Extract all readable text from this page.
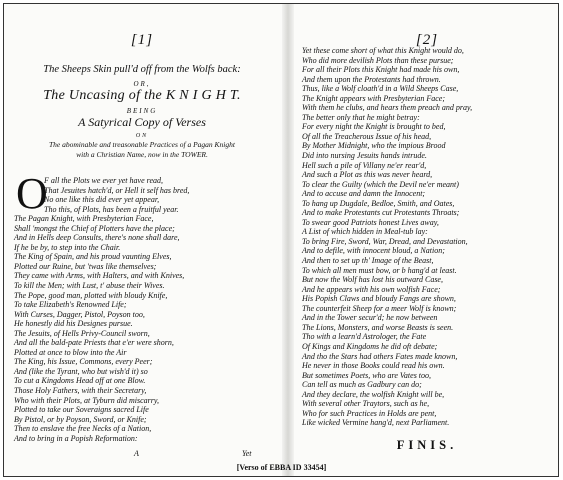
[1]
The Sheeps Skin pull'd off from the Wolfs back:
OR,
The Uncasing of the K N I G H T.
BEING
A Satyrical Copy of Verses
ON
The abominable and treasonable Practices of a Pagan Knight
with a Christian Name, now in the TOWER.
O
F all the Plots we ever yet have read,
That Jesuites hatch'd, or Hell it self has bred,
No one like this did ever yet appear,
Tho this, of Plots, has been a fruitful year.
The Pagan Knight, with Presbyterian Face,
Shall 'mongst the Chief of Plotters have the place;
And in Hells deep Consults, there's none shall dare,
If he be by, to step into the Chair.
The King of Spain, and his proud vaunting Elves,
Plotted our Ruine, but 'twas like themselves;
They came with Arms, with Halters, and with Knives,
To kill the Men; with Lust, t' abuse their Wives.
The Pope, good man, plotted with bloudy Knife,
To take Elizabeth's Renowned Life;
With Curses, Dagger, Pistol, Poyson too,
He honestly did his Designes pursue.
The Jesuits, of Hells Privy-Council sworn,
And all the bald-pate Priests that e'er were shorn,
Plotted at once to blow into the Air
The King, his Issue, Commons, every Peer;
And (like the Tyrant, who but wish'd it) so
To cut a Kingdoms Head off at one Blow.
Those Holy Fathers, with their Secretary,
Who with their Plots, at Tyburn did miscarry,
Plotted to take our Soveraigns sacred Life
By Pistol, or by Poyson, Sword, or Knife;
Then to enslave the free Necks of a Nation,
And to bring in a Popish Reformation:
A	Yet
[2]
Yet these come short of what this Knight would do,
Who did more devilish Plots than these pursue;
For all their Plots this Knight had made his own,
And them upon the Protestants had thrown.
Thus, like a Wolf cloath'd in a Wild Sheeps Case,
The Knight appears with Presbyterian Face;
With them he clubs, and hears them preach and pray,
The better only that he might betray:
For every night the Knight is brought to bed,
Of all the Treacherous Issue of his head,
By Mother Midnight, who the impious Brood
Did into nursing Jesuits hands intrude.
Hell such a pile of Villany ne'er rear'd,
And such a Plot as this was never heard,
To clear the Guilty (which the Devil ne'er meant)
And to accuse and damn the Innocent;
To hang up Dugdale, Bedloe, Smith, and Oates,
And to make Protestants cut Protestants Throats;
To swear good Patriots honest Lives away,
A List of which hidden in Meal-tub lay:
To bring Fire, Sword, War, Dread, and Devastation,
And to defile, with innocent bloud, a Nation;
And then to set up th' Image of the Beast,
To which all men must bow, or b hang'd at least.
But now the Wolf has lost his outward Case,
And he appears with his own wolfish Face;
His Popish Claws and bloudy Fangs are shown,
The counterfeit Sheep for a meer Wolf is known;
And in the Tower secur'd; he now between
The Lions, Monsters, and worse Beasts is seen.
Tho with a learn'd Astrologer, the Fate
Of Kings and Kingdoms he did oft debate;
And tho the Stars had others Fates made known,
He never in those Books could read his own.
But sometimes Poets, who are Vates too,
Can tell as much as Gadbury can do;
And they declare, the wolfish Knight will be,
With several other Traytors, such as he,
Who for such Practices in Holds are pent,
Like wicked Vermine hang'd, next Parliament.
FINIS.
[Verso of EBBA ID 33454]
